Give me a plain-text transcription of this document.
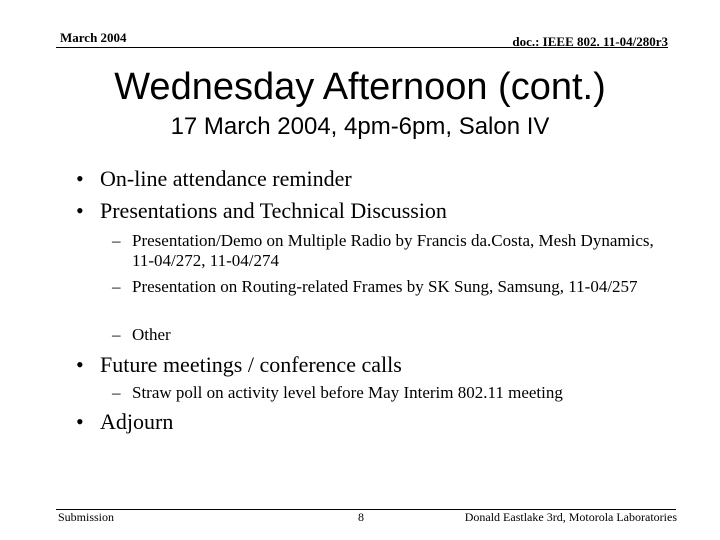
March 2004	doc.: IEEE 802. 11-04/280r3
Wednesday Afternoon (cont.)
17 March 2004, 4pm-6pm, Salon IV
• On-line attendance reminder
• Presentations and Technical Discussion
– Presentation/Demo on Multiple Radio by Francis da.Costa, Mesh Dynamics, 11-04/272, 11-04/274
– Presentation on Routing-related Frames by SK Sung, Samsung, 11-04/257
– Other
• Future meetings / conference calls
– Straw poll on activity level before May Interim 802.11 meeting
• Adjourn
Submission	8	Donald Eastlake 3rd, Motorola Laboratories
